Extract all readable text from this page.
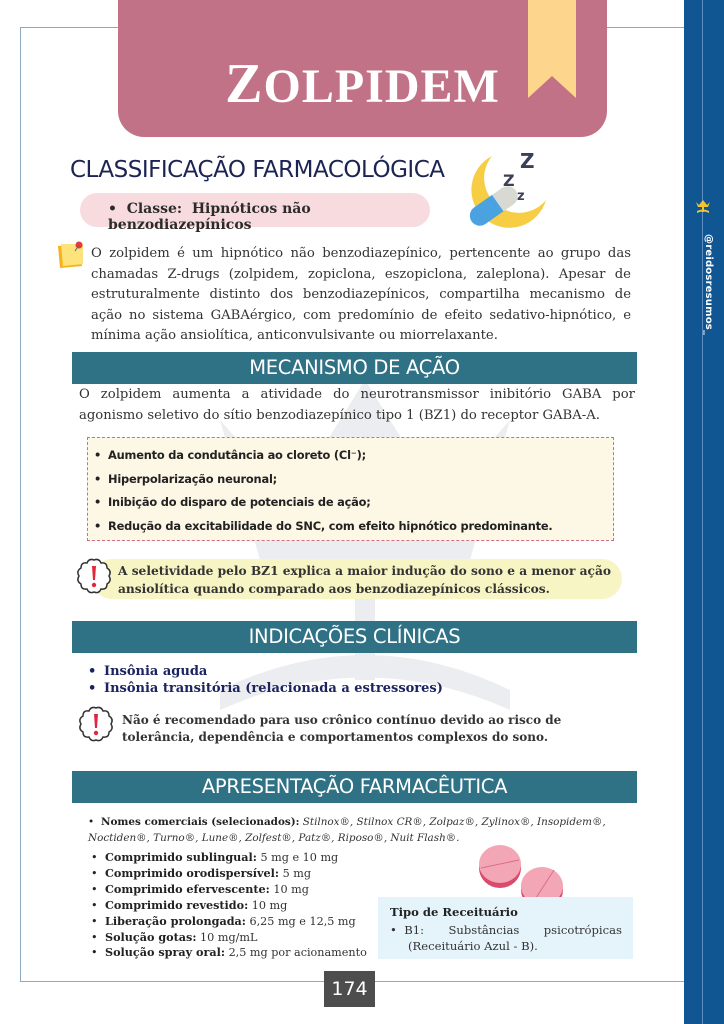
@reidosresumos_
ZOLPIDEM
CLASSIFICAÇÃO FARMACOLÓGICA
•  Classe: Hipnóticos não benzodiazepínicos
Z
Z
z

O zolpidem é um hipnótico não benzodiazepínico, pertencente ao grupo das chamadas Z-drugs (zolpidem, zopiclona, eszopiclona, zaleplona). Apesar de estruturalmente distinto dos benzodiazepínicos, compartilha mecanismo de ação no sistema GABAérgico, com predomínio de efeito sedativo-hipnótico, e mínima ação ansiolítica, anticonvulsivante ou miorrelaxante.

MECANISMO DE AÇÃO

O zolpidem aumenta a atividade do neurotransmissor inibitório GABA por agonismo seletivo do sítio benzodiazepínico tipo 1 (BZ1) do receptor GABA-A.

• Aumento da condutância ao cloreto (Cl⁻);
• Hiperpolarização neuronal;
• Inibição do disparo de potenciais de ação;
• Redução da excitabilidade do SNC, com efeito hipnótico predominante.

A seletividade pelo BZ1 explica a maior indução do sono e a menor ação ansiolítica quando comparado aos benzodiazepínicos clássicos.

INDICAÇÕES CLÍNICAS
• Insônia aguda
• Insônia transitória (relacionada a estressores)

Não é recomendado para uso crônico contínuo devido ao risco de tolerância, dependência e comportamentos complexos do sono.

APRESENTAÇÃO FARMACÊUTICA

• Nomes comerciais (selecionados): Stilnox®, Stilnox CR®, Zolpaz®, Zylinox®, Insopidem®, Noctiden®, Turno®, Lune®, Zolfest®, Patz®, Riposo®, Nuit Flash®.

• Comprimido sublingual: 5 mg e 10 mg
• Comprimido orodispersível: 5 mg
• Comprimido efervescente: 10 mg
• Comprimido revestido: 10 mg
• Liberação prolongada: 6,25 mg e 12,5 mg
• Solução gotas: 10 mg/mL
• Solução spray oral: 2,5 mg por acionamento
Tipo de Receituário
•  B1: Substâncias psicotrópicas
(Receituário Azul - B).
174
